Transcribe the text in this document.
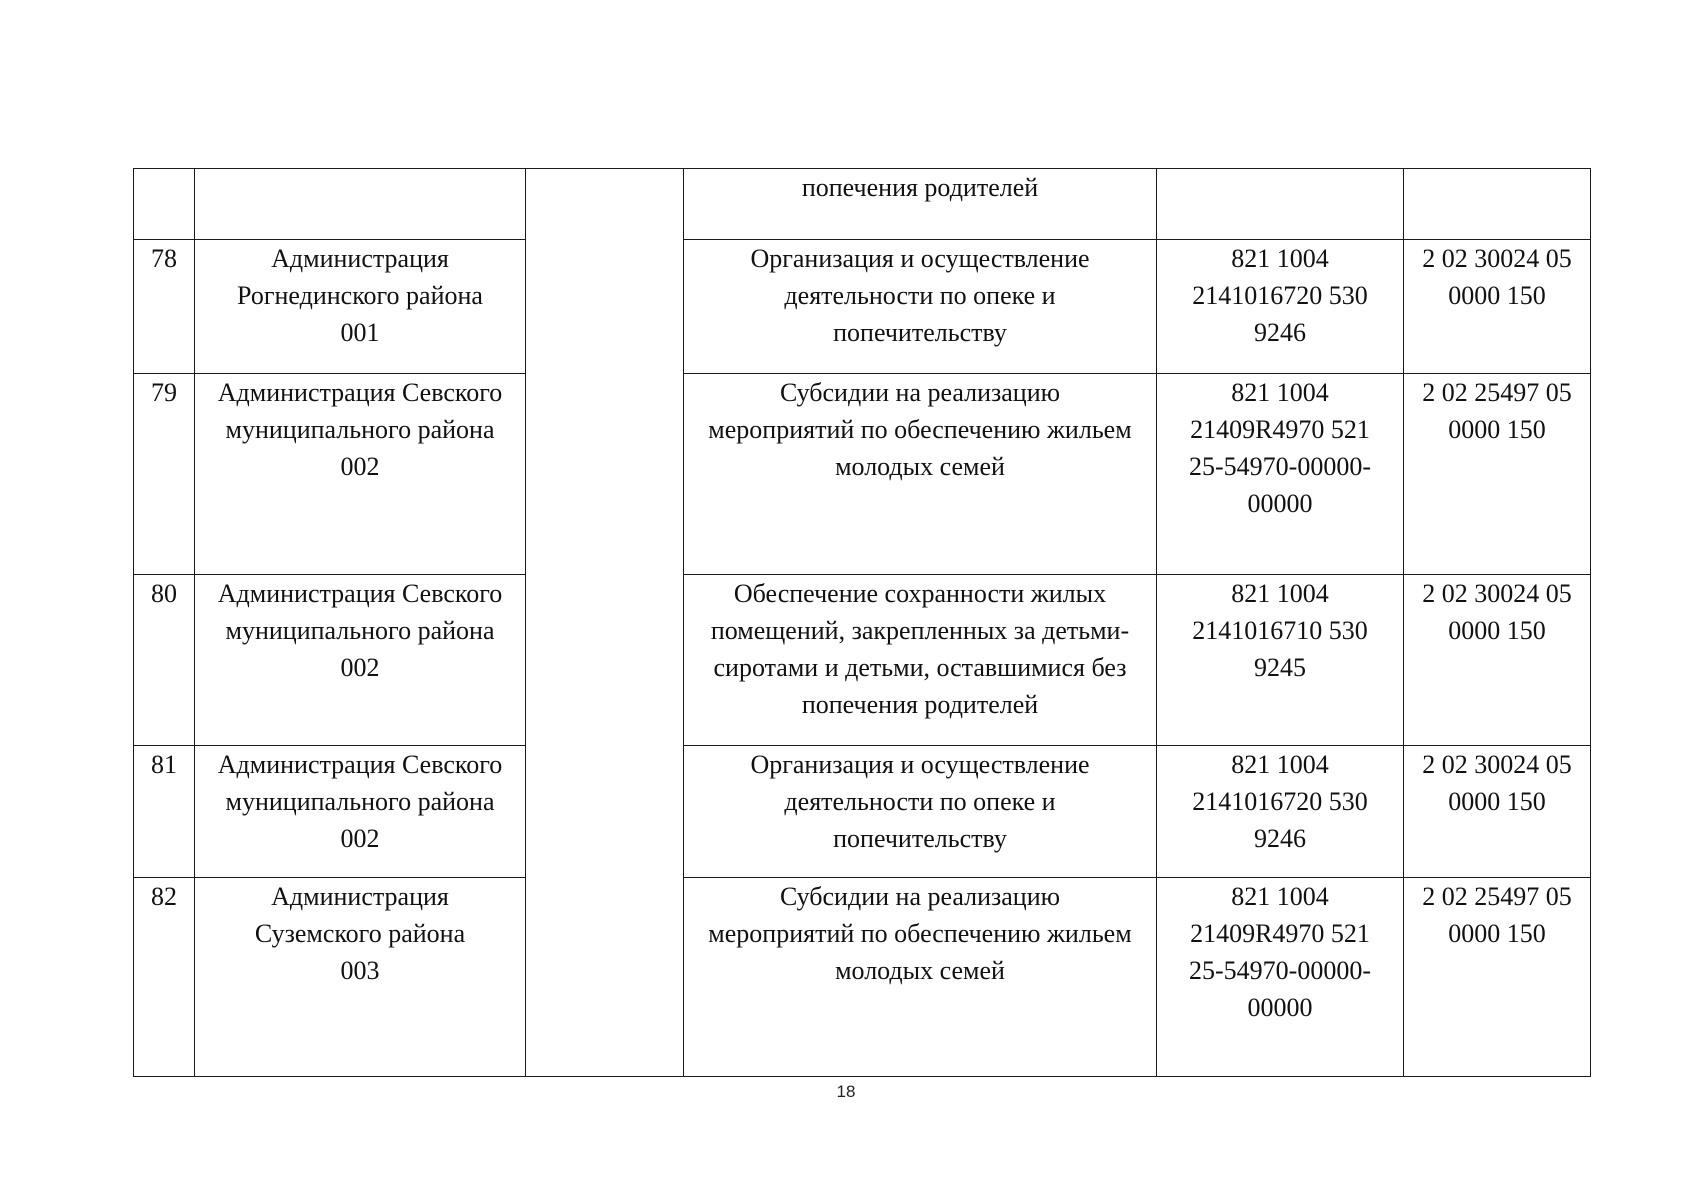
			попечения родителей		

78	Администрация
Рогнединского района
001		Организация и осуществление
деятельности по опеке и
попечительству	821 1004
2141016720 530
9246	2 02 30024 05
0000 150

79	Администрация Севского
муниципального района
002		Субсидии на реализацию
мероприятий по обеспечению жильем
молодых семей	821 1004
21409R4970 521
25-54970-00000-
00000	2 02 25497 05
0000 150

80	Администрация Севского
муниципального района
002		Обеспечение сохранности жилых
помещений, закрепленных за детьми-
сиротами и детьми, оставшимися без
попечения родителей	821 1004
2141016710 530
9245	2 02 30024 05
0000 150

81	Администрация Севского
муниципального района
002		Организация и осуществление
деятельности по опеке и
попечительству	821 1004
2141016720 530
9246	2 02 30024 05
0000 150

82	Администрация
Суземского района
003		Субсидии на реализацию
мероприятий по обеспечению жильем
молодых семей	821 1004
21409R4970 521
25-54970-00000-
00000	2 02 25497 05
0000 150
18
